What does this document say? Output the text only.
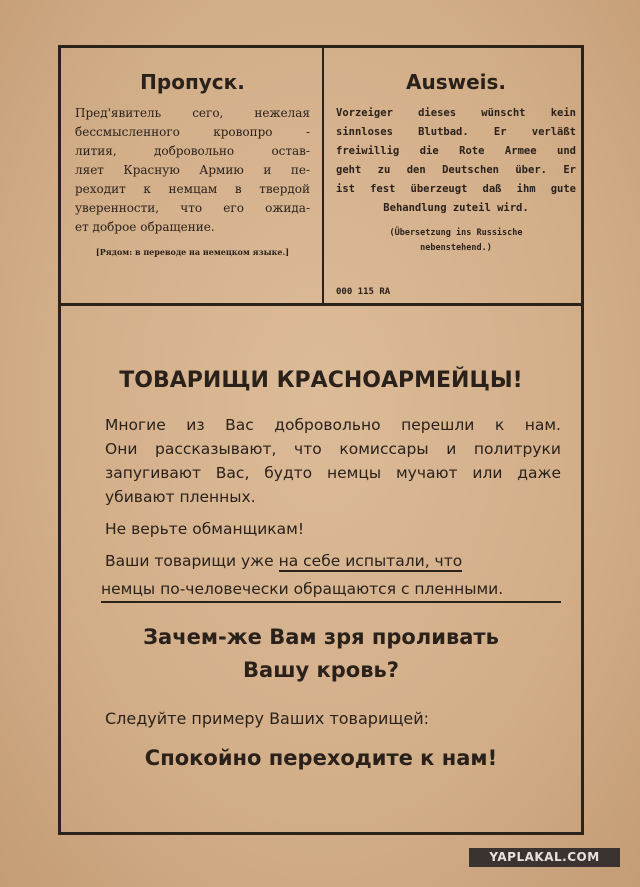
Пропуск.
Пред'явитель сего, нежелая
бессмысленного кровопро -
лития, добровольно остав-
ляет Красную Армию и пе-
реходит к немцам в твердой
уверенности, что его ожида-
ет доброе обращение.
[Рядом: в переводе на немецком языке.]
Ausweis.
Vorzeiger dieses wünscht kein
sinnloses Blutbad. Er verläßt
freiwillig die Rote Armee und
geht zu den Deutschen über. Er
ist fest überzeugt daß ihm gute
Behandlung zuteil wird.
(Übersetzung ins Russische
nebenstehend.)
000 115 RA
ТОВАРИЩИ КРАСНОАРМЕЙЦЫ!
Многие из Вас добровольно перешли к нам.
Они рассказывают, что комиссары и политруки
запугивают Вас, будто немцы мучают или даже
убивают пленных.
Не верьте обманщикам!
Ваши товарищи уже на себе испытали, что
немцы по-человечески обращаются с пленными.
Зачем-же Вам зря проливать
Вашу кровь?
Следуйте примеру Ваших товарищей:
Спокойно переходите к нам!
YAPLAKAL.COM
